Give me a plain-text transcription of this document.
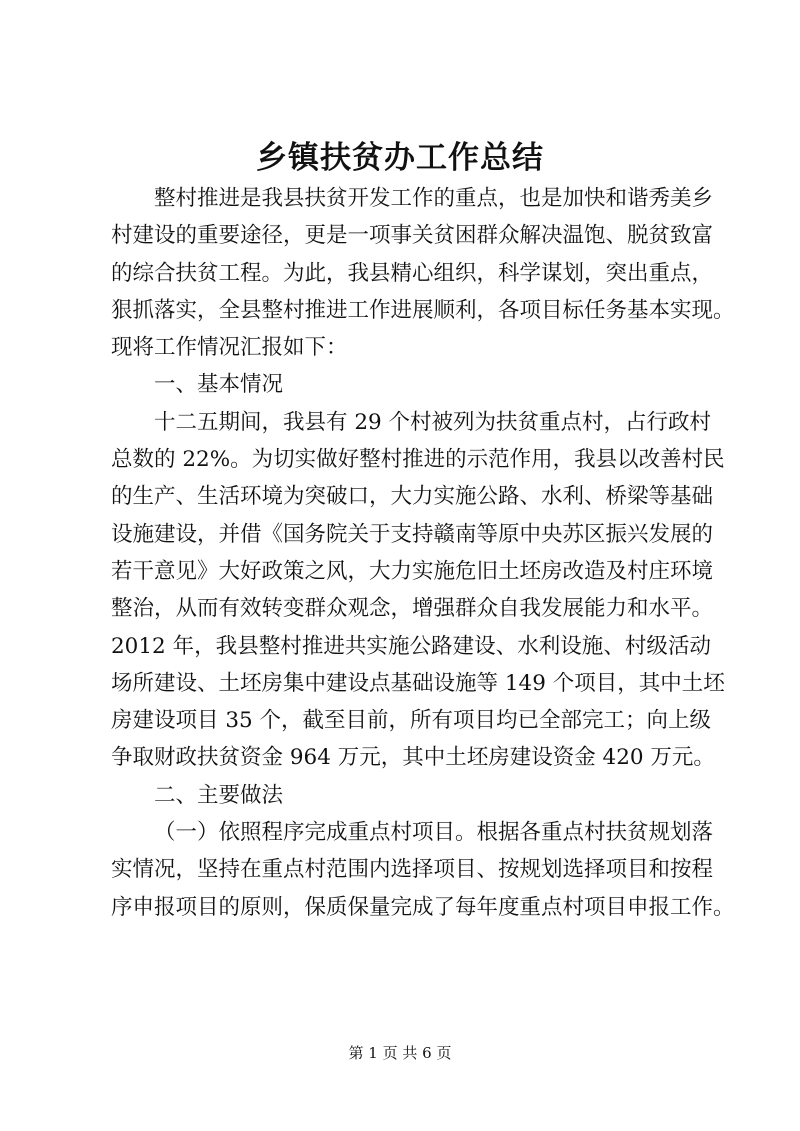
乡镇扶贫办工作总结
整村推进是我县扶贫开发工作的重点，也是加快和谐秀美乡
村建设的重要途径，更是一项事关贫困群众解决温饱、脱贫致富
的综合扶贫工程。为此，我县精心组织，科学谋划，突出重点，
狠抓落实，全县整村推进工作进展顺利，各项目标任务基本实现。
现将工作情况汇报如下：
一、基本情况
十二五期间，我县有 29 个村被列为扶贫重点村，占行政村
总数的 22%。为切实做好整村推进的示范作用，我县以改善村民
的生产、生活环境为突破口，大力实施公路、水利、桥梁等基础
设施建设，并借《国务院关于支持赣南等原中央苏区振兴发展的
若干意见》大好政策之风，大力实施危旧土坯房改造及村庄环境
整治，从而有效转变群众观念，增强群众自我发展能力和水平。
2012 年，我县整村推进共实施公路建设、水利设施、村级活动
场所建设、土坯房集中建设点基础设施等 149 个项目，其中土坯
房建设项目 35 个，截至目前，所有项目均已全部完工；向上级
争取财政扶贫资金 964 万元，其中土坯房建设资金 420 万元。
二、主要做法
（一）依照程序完成重点村项目。根据各重点村扶贫规划落
实情况，坚持在重点村范围内选择项目、按规划选择项目和按程
序申报项目的原则，保质保量完成了每年度重点村项目申报工作。
第 1 页 共 6 页
